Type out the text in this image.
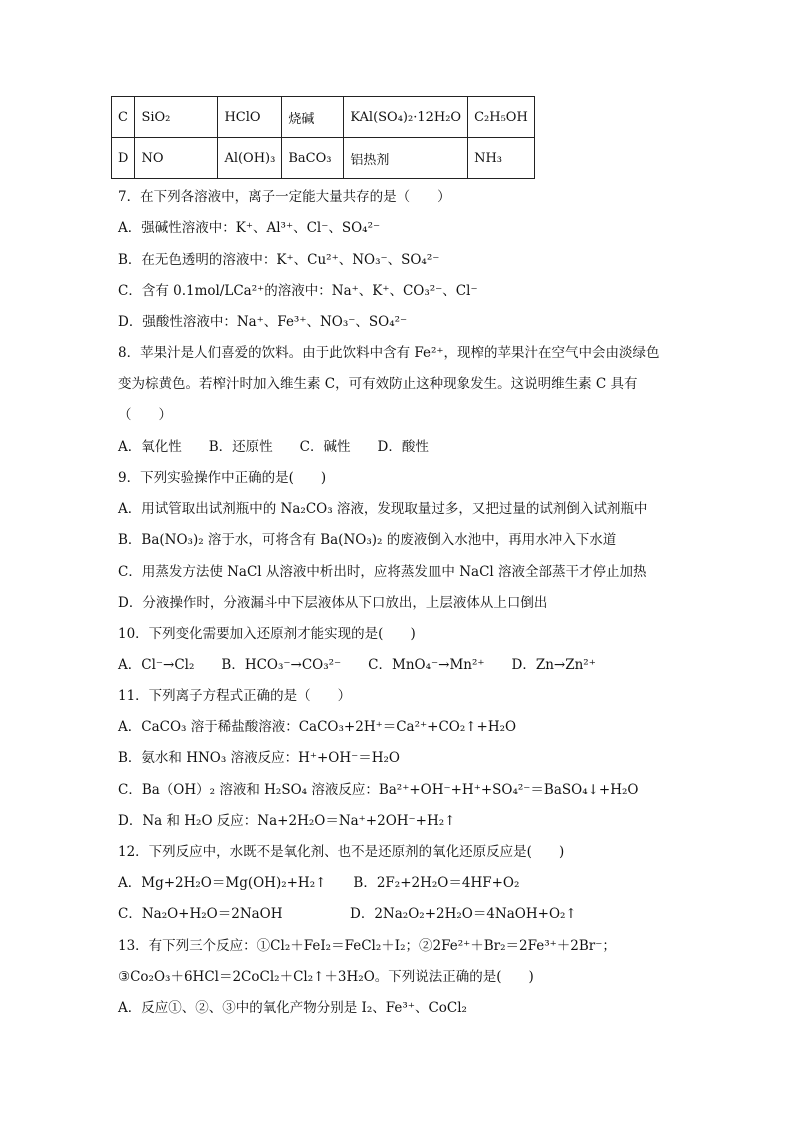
C	SiO₂	HClO	烧碱	KAl(SO₄)₂·12H₂O	C₂H₅OH
D	NO	Al(OH)₃	BaCO₃	铝热剂	NH₃
7．在下列各溶液中，离子一定能大量共存的是（　　）
A．强碱性溶液中：K⁺、Al³⁺、Cl⁻、SO₄²⁻
B．在无色透明的溶液中：K⁺、Cu²⁺、NO₃⁻、SO₄²⁻
C．含有 0.1mol/LCa²⁺的溶液中：Na⁺、K⁺、CO₃²⁻、Cl⁻
D．强酸性溶液中：Na⁺、Fe³⁺、NO₃⁻、SO₄²⁻
8．苹果汁是人们喜爱的饮料。由于此饮料中含有 Fe²⁺，现榨的苹果汁在空气中会由淡绿色
变为棕黄色。若榨汁时加入维生素 C，可有效防止这种现象发生。这说明维生素 C 具有
（　　）
A．氧化性　　B．还原性　　C．碱性　　D．酸性
9．下列实验操作中正确的是(　　)
A．用试管取出试剂瓶中的 Na₂CO₃ 溶液，发现取量过多，又把过量的试剂倒入试剂瓶中
B．Ba(NO₃)₂ 溶于水，可将含有 Ba(NO₃)₂ 的废液倒入水池中，再用水冲入下水道
C．用蒸发方法使 NaCl 从溶液中析出时，应将蒸发皿中 NaCl 溶液全部蒸干才停止加热
D．分液操作时，分液漏斗中下层液体从下口放出，上层液体从上口倒出
10．下列变化需要加入还原剂才能实现的是(　　)
A．Cl⁻→Cl₂　　B．HCO₃⁻→CO₃²⁻　　C．MnO₄⁻→Mn²⁺　　D．Zn→Zn²⁺
11．下列离子方程式正确的是（　　）
A．CaCO₃ 溶于稀盐酸溶液：CaCO₃+2H⁺＝Ca²⁺+CO₂↑+H₂O
B．氨水和 HNO₃ 溶液反应：H⁺+OH⁻＝H₂O
C．Ba（OH）₂ 溶液和 H₂SO₄ 溶液反应：Ba²⁺+OH⁻+H⁺+SO₄²⁻＝BaSO₄↓+H₂O
D．Na 和 H₂O 反应：Na+2H₂O＝Na⁺+2OH⁻+H₂↑
12．下列反应中，水既不是氧化剂、也不是还原剂的氧化还原反应是(　　)
A．Mg+2H₂O＝Mg(OH)₂+H₂↑　　B．2F₂+2H₂O＝4HF+O₂
C．Na₂O+H₂O＝2NaOH　　　　　D．2Na₂O₂+2H₂O＝4NaOH+O₂↑
13．有下列三个反应：①Cl₂＋FeI₂＝FeCl₂＋I₂；②2Fe²⁺＋Br₂＝2Fe³⁺＋2Br⁻；
③Co₂O₃＋6HCl＝2CoCl₂＋Cl₂↑＋3H₂O。下列说法正确的是(　　)
A．反应①、②、③中的氧化产物分别是 I₂、Fe³⁺、CoCl₂
